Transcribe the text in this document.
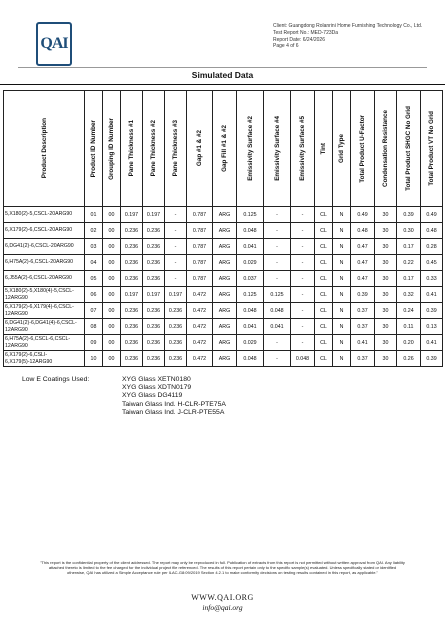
QAI
Client: Guangdong Rolanrini Home Furnishing Technology Co., Ltd.
Test Report No.: MED-723Da
Report Date: 6/24/2026
Page 4 of 6
Simulated Data
Product Description	Product ID Number	Grouping ID Number	Pane Thickness #1	Pane Thickness #2	Pane Thickness #3	Gap #1 & #2	Gap Fill #1 & #2	Emissivity Surface #2	Emissivity Surface #4	Emissivity Surface #5	Tint	Grid Type	Total Product U-Factor	Condensation Resistance	Total Product SHGC No Grid	Total Product VT No Grid

5,X180(2)-5,CSCL-20ARG90	01	00	0.197	0.197	-	0.787	ARG	0.125	-	-	CL	N	0.49	30	0.39	0.49
6,X179(2)-6,CSCL-20ARG90	02	00	0.236	0.236	-	0.787	ARG	0.048	-	-	CL	N	0.48	30	0.30	0.48
6,DG41(2)-6,CSCL-20ARG90	03	00	0.236	0.236	-	0.787	ARG	0.041	-	-	CL	N	0.47	30	0.17	0.28
6,H75A(2)-6,CSCL-20ARG90	04	00	0.236	0.236	-	0.787	ARG	0.029	-	-	CL	N	0.47	30	0.22	0.45
6,J55A(2)-6,CSCL-20ARG90	05	00	0.236	0.236	-	0.787	ARG	0.037	-	-	CL	N	0.47	30	0.17	0.33
5,X180(2)-5,X180(4)-5,CSCL-12ARG90	06	00	0.197	0.197	0.197	0.472	ARG	0.125	0.125	-	CL	N	0.39	30	0.32	0.41
6,X179(2)-6,X179(4)-6,CSCL-12ARG90	07	00	0.236	0.236	0.236	0.472	ARG	0.048	0.048	-	CL	N	0.37	30	0.24	0.39
6,DG41(2)-6,DG41(4)-6,CSCL-12ARG90	08	00	0.236	0.236	0.236	0.472	ARG	0.041	0.041	-	CL	N	0.37	30	0.11	0.13
6,H75A(2)-6,CSCL-6,CSCL-12ARG90	09	00	0.236	0.236	0.236	0.472	ARG	0.029	-	-	CL	N	0.41	30	0.20	0.41
6,X179(2)-6,CSLI-6,X179(5)-12ARG90	10	00	0.236	0.236	0.236	0.472	ARG	0.048	-	0.048	CL	N	0.37	30	0.26	0.39
Low E Coatings Used:	XYG Glass XETN0180
XYG Glass XDTN0179
XYG Glass DG4119
Taiwan Glass Ind. H-CLR-PTE75A
Taiwan Glass Ind. J-CLR-PTE55A
"This report is the confidential property of the client addressed. The report may only be reproduced in full. Publication of extracts from this report is not permitted without written approval from QAI. Any liability attached thereto is limited to the fee charged for the individual project file referenced. The results of this report pertain only to the specific sample(s) evaluated. Unless specifically stated or identified otherwise, QAI has utilized a Simple Acceptance rule per ILAC-G8:09/2019 Section 4.2.1 to make conformity decisions on testing results contained in this report, as applicable."
WWW.QAI.ORG
info@qai.org
